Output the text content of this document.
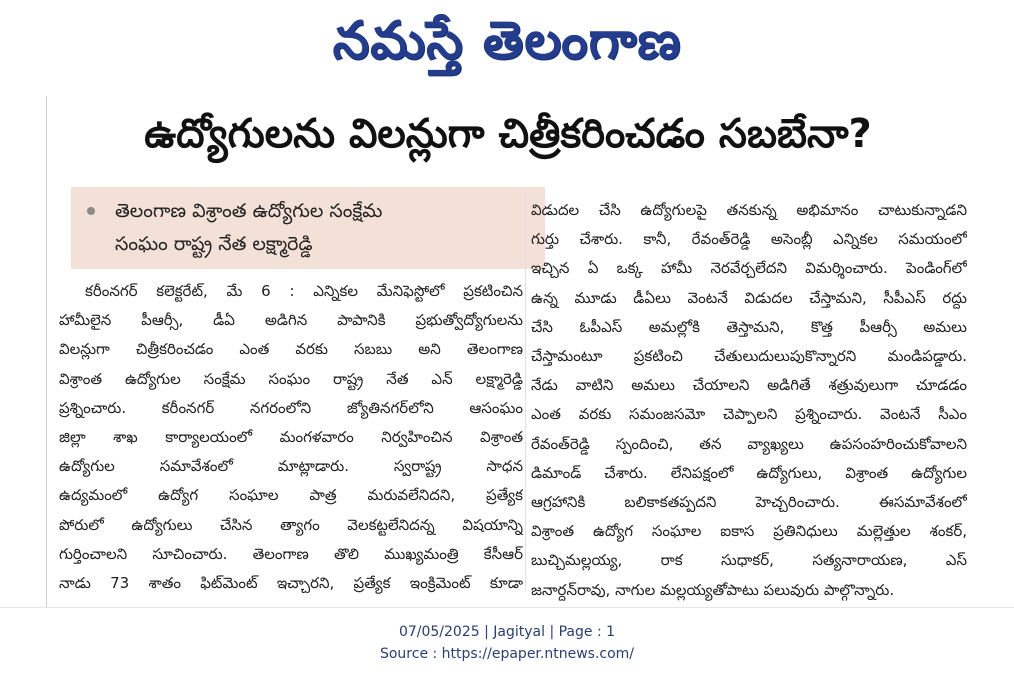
నమస్తే తెలంగాణ
ఉద్యోగులను విలన్లుగా చిత్రీకరించడం సబబేనా?
తెలంగాణ విశ్రాంత ఉద్యోగుల సంక్షేమ
సంఘం రాష్ట్ర నేత లక్ష్మారెడ్డి
కరీంనగర్ కలెక్టరేట్, మే 6 : ఎన్నికల మేనిఫెస్టోలో ప్రకటించిన
హామీలైన పీఆర్సీ, డీఏ అడిగిన పాపానికి ప్రభుత్వోద్యోగులను
విలన్లుగా చిత్రీకరించడం ఎంత వరకు సబబు అని తెలంగాణ
విశ్రాంత ఉద్యోగుల సంక్షేమ సంఘం రాష్ట్ర నేత ఎన్ లక్ష్మారెడ్డి
ప్రశ్నించారు. కరీంనగర్ నగరంలోని జ్యోతినగర్‌లోని ఆసంఘం
జిల్లా శాఖ కార్యాలయంలో మంగళవారం నిర్వహించిన విశ్రాంత
ఉద్యోగుల సమావేశంలో మాట్లాడారు. స్వరాష్ట్ర సాధన
ఉద్యమంలో ఉద్యోగ సంఘాల పాత్ర మరువలేనిదని, ప్రత్యేక
పోరులో ఉద్యోగులు చేసిన త్యాగం వెలకట్టలేనిదన్న విషయాన్ని
గుర్తించాలని సూచించారు. తెలంగాణ తొలి ముఖ్యమంత్రి కేసీఆర్
నాడు 73 శాతం ఫిట్‌మెంట్ ఇచ్చారని, ప్రత్యేక ఇంక్రిమెంట్ కూడా
విడుదల చేసి ఉద్యోగులపై తనకున్న అభిమానం చాటుకున్నాడని
గుర్తు చేశారు. కానీ, రేవంత్‌రెడ్డి అసెంబ్లీ ఎన్నికల సమయంలో
ఇచ్చిన ఏ ఒక్క హామీ నెరవేర్చలేదని విమర్శించారు. పెండింగ్‌లో
ఉన్న మూడు డీఏలు వెంటనే విడుదల చేస్తామని, సీపీఎస్ రద్దు
చేసి ఓపీఎస్ అమల్లోకి తెస్తామని, కొత్త పీఆర్సీ అమలు
చేస్తామంటూ ప్రకటించి చేతులుదులుపుకొన్నారని మండిపడ్డారు.
నేడు వాటిని అమలు చేయాలని అడిగితే శత్రువులుగా చూడడం
ఎంత వరకు సమంజసమో చెప్పాలని ప్రశ్నించారు. వెంటనే సీఎం
రేవంత్‌రెడ్డి స్పందించి, తన వ్యాఖ్యలు ఉపసంహరించుకోవాలని
డిమాండ్ చేశారు. లేనిపక్షంలో ఉద్యోగులు, విశ్రాంత ఉద్యోగుల
ఆగ్రహానికి బలికాకతప్పదని హెచ్చరించారు. ఈసమావేశంలో
విశ్రాంత ఉద్యోగ సంఘాల ఐకాస ప్రతినిధులు మల్లెత్తుల శంకర్,
బుచ్చిమల్లయ్య, రాక సుధాకర్, సత్యనారాయణ, ఎస్
జనార్దన్‌రావు, నాగుల మల్లయ్యతోపాటు పలువురు పాల్గొన్నారు.
07/05/2025 | Jagityal | Page : 1
Source : https://epaper.ntnews.com/
